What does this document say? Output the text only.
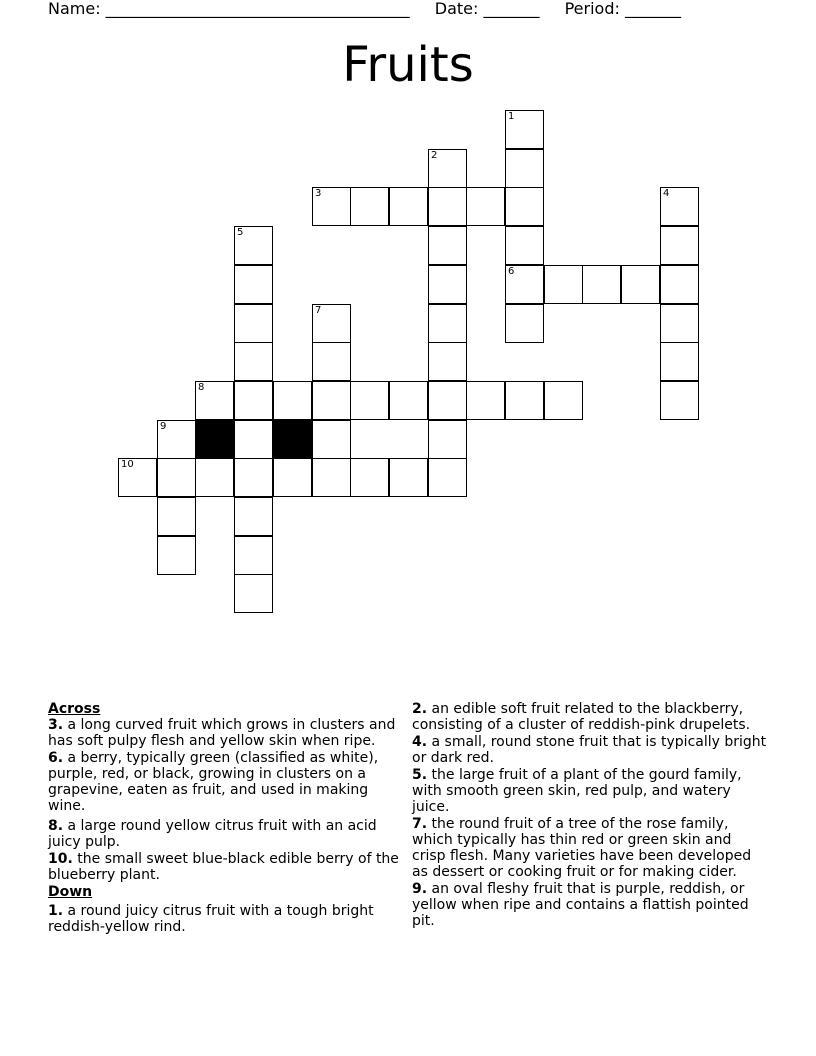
Name: ______________________________________ Date: _______ Period: _______
Fruits
1
2
3	4
5
6
7
8
9
10
Across
3. a long curved fruit which grows in clusters and has soft pulpy flesh and yellow skin when ripe.
6. a berry, typically green (classified as white), purple, red, or black, growing in clusters on a grapevine, eaten as fruit, and used in making wine.
8. a large round yellow citrus fruit with an acid juicy pulp.
10. the small sweet blue-black edible berry of the blueberry plant.
Down
1. a round juicy citrus fruit with a tough bright reddish-yellow rind.
2. an edible soft fruit related to the blackberry, consisting of a cluster of reddish-pink drupelets.
4. a small, round stone fruit that is typically bright or dark red.
5. the large fruit of a plant of the gourd family, with smooth green skin, red pulp, and watery juice.
7. the round fruit of a tree of the rose family, which typically has thin red or green skin and crisp flesh. Many varieties have been developed as dessert or cooking fruit or for making cider.
9. an oval fleshy fruit that is purple, reddish, or yellow when ripe and contains a flattish pointed pit.
